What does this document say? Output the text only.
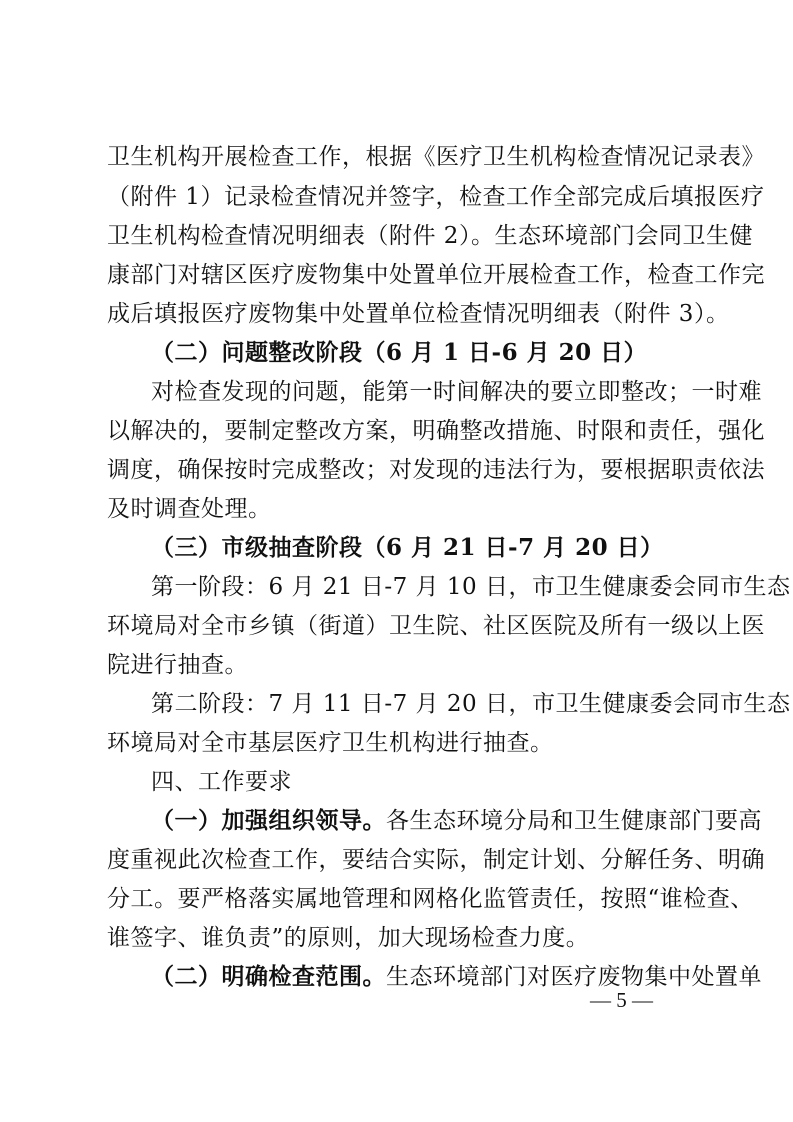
卫生机构开展检查工作，根据《医疗卫生机构检查情况记录表》
（附件 1）记录检查情况并签字，检查工作全部完成后填报医疗
卫生机构检查情况明细表（附件 2）。生态环境部门会同卫生健
康部门对辖区医疗废物集中处置单位开展检查工作，检查工作完
成后填报医疗废物集中处置单位检查情况明细表（附件 3）。
（二）问题整改阶段（6 月 1 日-6 月 20 日）
对检查发现的问题，能第一时间解决的要立即整改；一时难
以解决的，要制定整改方案，明确整改措施、时限和责任，强化
调度，确保按时完成整改；对发现的违法行为，要根据职责依法
及时调查处理。
（三）市级抽查阶段（6 月 21 日-7 月 20 日）
第一阶段：6 月 21 日-7 月 10 日，市卫生健康委会同市生态
环境局对全市乡镇（街道）卫生院、社区医院及所有一级以上医
院进行抽查。
第二阶段：7 月 11 日-7 月 20 日，市卫生健康委会同市生态
环境局对全市基层医疗卫生机构进行抽查。
四、工作要求
（一）加强组织领导。各生态环境分局和卫生健康部门要高
度重视此次检查工作，要结合实际，制定计划、分解任务、明确
分工。要严格落实属地管理和网格化监管责任，按照“谁检查、
谁签字、谁负责”的原则，加大现场检查力度。
（二）明确检查范围。生态环境部门对医疗废物集中处置单
— 5 —
